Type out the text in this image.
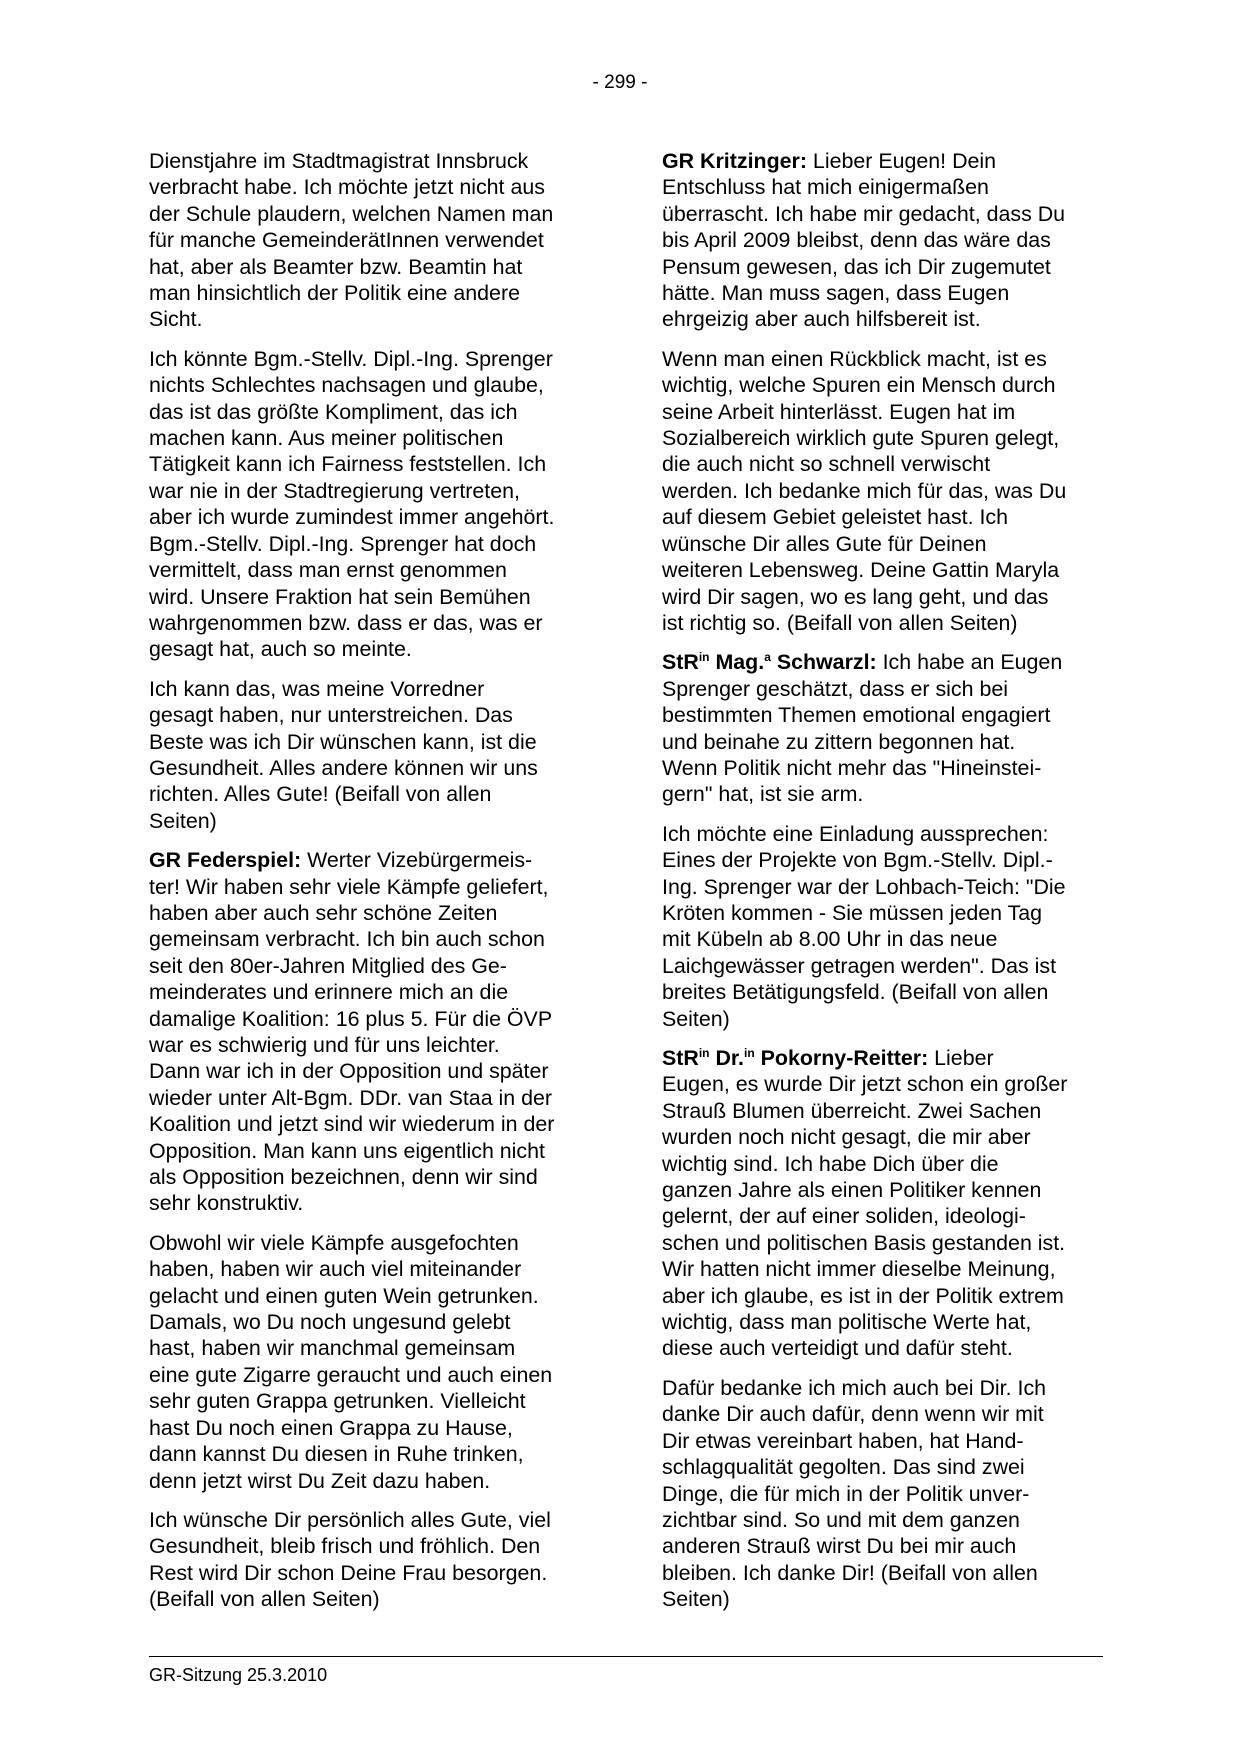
- 299 -

Dienstjahre im Stadtmagistrat Innsbruck
verbracht habe. Ich möchte jetzt nicht aus
der Schule plaudern, welchen Namen man
für manche GemeinderätInnen verwendet
hat, aber als Beamter bzw. Beamtin hat
man hinsichtlich der Politik eine andere
Sicht.

Ich könnte Bgm.-Stellv. Dipl.-Ing. Sprenger
nichts Schlechtes nachsagen und glaube,
das ist das größte Kompliment, das ich
machen kann. Aus meiner politischen
Tätigkeit kann ich Fairness feststellen. Ich
war nie in der Stadtregierung vertreten,
aber ich wurde zumindest immer angehört.
Bgm.-Stellv. Dipl.-Ing. Sprenger hat doch
vermittelt, dass man ernst genommen
wird. Unsere Fraktion hat sein Bemühen
wahrgenommen bzw. dass er das, was er
gesagt hat, auch so meinte.

Ich kann das, was meine Vorredner
gesagt haben, nur unterstreichen. Das
Beste was ich Dir wünschen kann, ist die
Gesundheit. Alles andere können wir uns
richten. Alles Gute! (Beifall von allen
Seiten)

GR Federspiel: Werter Vizebürgermeis-
ter! Wir haben sehr viele Kämpfe geliefert,
haben aber auch sehr schöne Zeiten
gemeinsam verbracht. Ich bin auch schon
seit den 80er-Jahren Mitglied des Ge-
meinderates und erinnere mich an die
damalige Koalition: 16 plus 5. Für die ÖVP
war es schwierig und für uns leichter.
Dann war ich in der Opposition und später
wieder unter Alt-Bgm. DDr. van Staa in der
Koalition und jetzt sind wir wiederum in der
Opposition. Man kann uns eigentlich nicht
als Opposition bezeichnen, denn wir sind
sehr konstruktiv.

Obwohl wir viele Kämpfe ausgefochten
haben, haben wir auch viel miteinander
gelacht und einen guten Wein getrunken.
Damals, wo Du noch ungesund gelebt
hast, haben wir manchmal gemeinsam
eine gute Zigarre geraucht und auch einen
sehr guten Grappa getrunken. Vielleicht
hast Du noch einen Grappa zu Hause,
dann kannst Du diesen in Ruhe trinken,
denn jetzt wirst Du Zeit dazu haben.

Ich wünsche Dir persönlich alles Gute, viel
Gesundheit, bleib frisch und fröhlich. Den
Rest wird Dir schon Deine Frau besorgen.
(Beifall von allen Seiten)

GR Kritzinger: Lieber Eugen! Dein
Entschluss hat mich einigermaßen
überrascht. Ich habe mir gedacht, dass Du
bis April 2009 bleibst, denn das wäre das
Pensum gewesen, das ich Dir zugemutet
hätte. Man muss sagen, dass Eugen
ehrgeizig aber auch hilfsbereit ist.

Wenn man einen Rückblick macht, ist es
wichtig, welche Spuren ein Mensch durch
seine Arbeit hinterlässt. Eugen hat im
Sozialbereich wirklich gute Spuren gelegt,
die auch nicht so schnell verwischt
werden. Ich bedanke mich für das, was Du
auf diesem Gebiet geleistet hast. Ich
wünsche Dir alles Gute für Deinen
weiteren Lebensweg. Deine Gattin Maryla
wird Dir sagen, wo es lang geht, und das
ist richtig so. (Beifall von allen Seiten)

StR$^{in}$ Mag.$^a$ Schwarzl: Ich habe an Eugen
Sprenger geschätzt, dass er sich bei
bestimmten Themen emotional engagiert
und beinahe zu zittern begonnen hat.
Wenn Politik nicht mehr das "Hineinstei-
gern" hat, ist sie arm.

Ich möchte eine Einladung aussprechen:
Eines der Projekte von Bgm.-Stellv. Dipl.-
Ing. Sprenger war der Lohbach-Teich: "Die
Kröten kommen - Sie müssen jeden Tag
mit Kübeln ab 8.00 Uhr in das neue
Laichgewässer getragen werden". Das ist
breites Betätigungsfeld. (Beifall von allen
Seiten)

StR$^{in}$ Dr.$^{in}$ Pokorny-Reitter: Lieber
Eugen, es wurde Dir jetzt schon ein großer
Strauß Blumen überreicht. Zwei Sachen
wurden noch nicht gesagt, die mir aber
wichtig sind. Ich habe Dich über die
ganzen Jahre als einen Politiker kennen
gelernt, der auf einer soliden, ideologi-
schen und politischen Basis gestanden ist.
Wir hatten nicht immer dieselbe Meinung,
aber ich glaube, es ist in der Politik extrem
wichtig, dass man politische Werte hat,
diese auch verteidigt und dafür steht.

Dafür bedanke ich mich auch bei Dir. Ich
danke Dir auch dafür, denn wenn wir mit
Dir etwas vereinbart haben, hat Hand-
schlagqualität gegolten. Das sind zwei
Dinge, die für mich in der Politik unver-
zichtbar sind. So und mit dem ganzen
anderen Strauß wirst Du bei mir auch
bleiben. Ich danke Dir! (Beifall von allen
Seiten)

GR-Sitzung 25.3.2010
